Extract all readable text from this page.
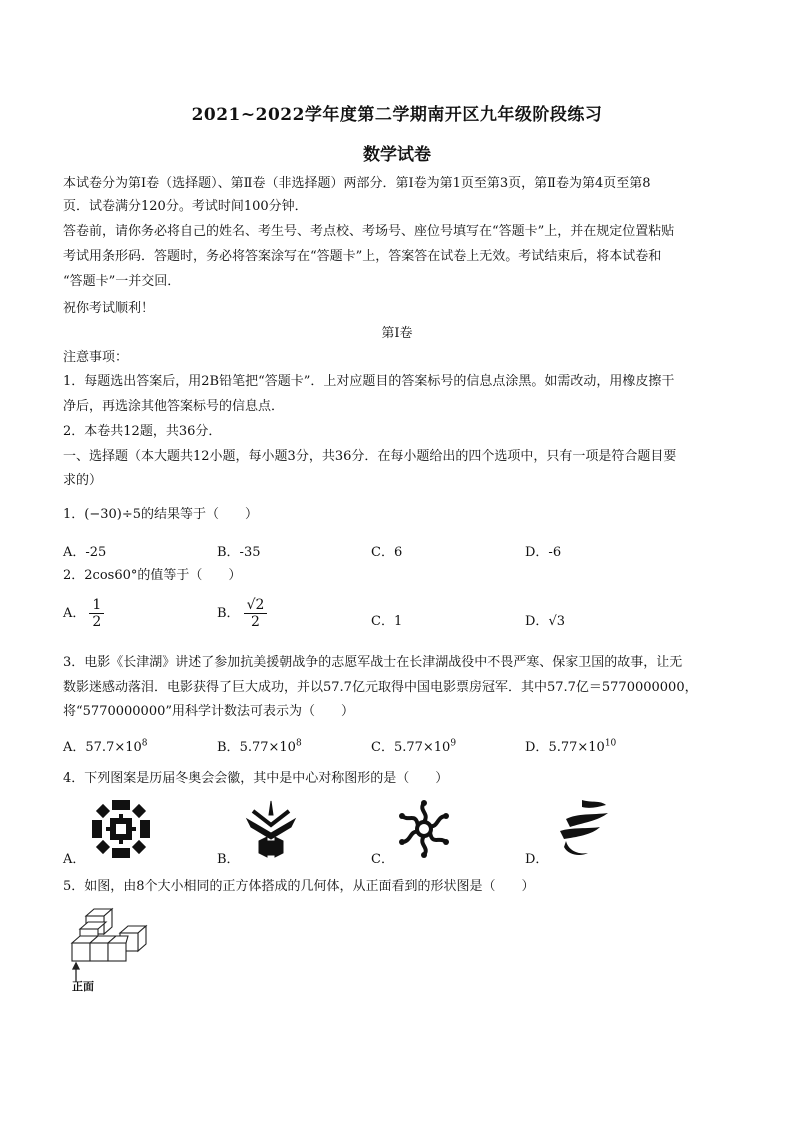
2021~2022学年度第二学期南开区九年级阶段练习
数学试卷
本试卷分为第Ⅰ卷（选择题）、第Ⅱ卷（非选择题）两部分．第Ⅰ卷为第1页至第3页，第Ⅱ卷为第4页至第8
页．试卷满分120分。考试时间100分钟．
答卷前，请你务必将自己的姓名、考生号、考点校、考场号、座位号填写在“答题卡”上，并在规定位置粘贴
考试用条形码．答题时，务必将答案涂写在“答题卡”上，答案答在试卷上无效。考试结束后，将本试卷和
“答题卡”一并交回．
祝你考试顺利！
第Ⅰ卷
注意事项：
1．每题选出答案后，用2B铅笔把“答题卡”．上对应题目的答案标号的信息点涂黑。如需改动，用橡皮擦干
净后，再选涂其他答案标号的信息点．
2．本卷共12题，共36分．
一、选择题（本大题共12小题，每小题3分，共36分．在每小题给出的四个选项中，只有一项是符合题目要
求的）
1．(−30)÷5的结果等于（　　）
A．-25	B．-35	C．6	D．-6
2．2cos60°的值等于（　　）
A． $\frac{1}{2}$	B． $\frac{√2}{2}$	C．1	D．√3
3．电影《长津湖》讲述了参加抗美援朝战争的志愿军战士在长津湖战役中不畏严寒、保家卫国的故事，让无
数影迷感动落泪．电影获得了巨大成功，并以57.7亿元取得中国电影票房冠军．其中57.7亿＝5770000000，
将“5770000000”用科学计数法可表示为（　　）
A．$57.7\times 10^8$	B．$5.77\times 10^8$	C．$5.77\times 10^9$	D．$5.77\times 10^{10}$
4．下列图案是历届冬奥会会徽，其中是中心对称图形的是（　　）
A．	B．	C．	D．
5．如图，由8个大小相同的正方体搭成的几何体，从正面看到的形状图是（　　）
正面
